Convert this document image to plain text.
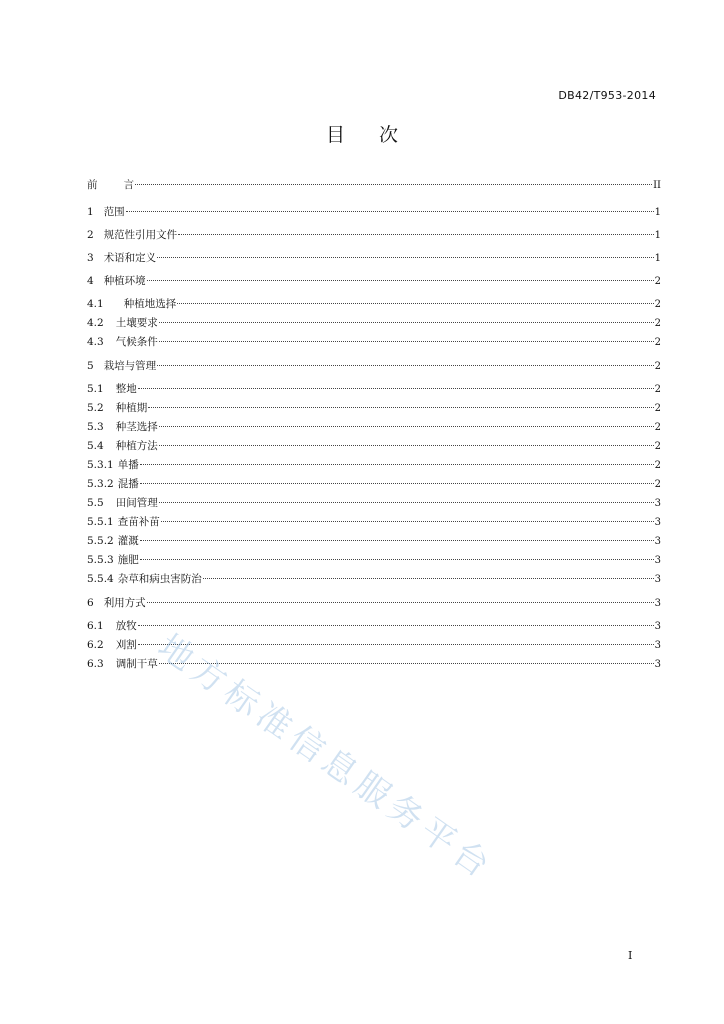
DB42/T953-2014
目次
前 言	II
1 范围	1
2 规范性引用文件	1
3 术语和定义	1
4 种植环境	2
4.1 种植地选择	2
4.2 土壤要求	2
4.3 气候条件	2
5 栽培与管理	2
5.1 整地	2
5.2 种植期	2
5.3 种茎选择	2
5.4 种植方法	2
5.3.1 单播	2
5.3.2 混播	2
5.5 田间管理	3
5.5.1 查苗补苗	3
5.5.2 灌溉	3
5.5.3 施肥	3
5.5.4 杂草和病虫害防治	3
6 利用方式	3
6.1 放牧	3
6.2 刈割	3
6.3 调制干草	3
地方标准信息服务平台
I
